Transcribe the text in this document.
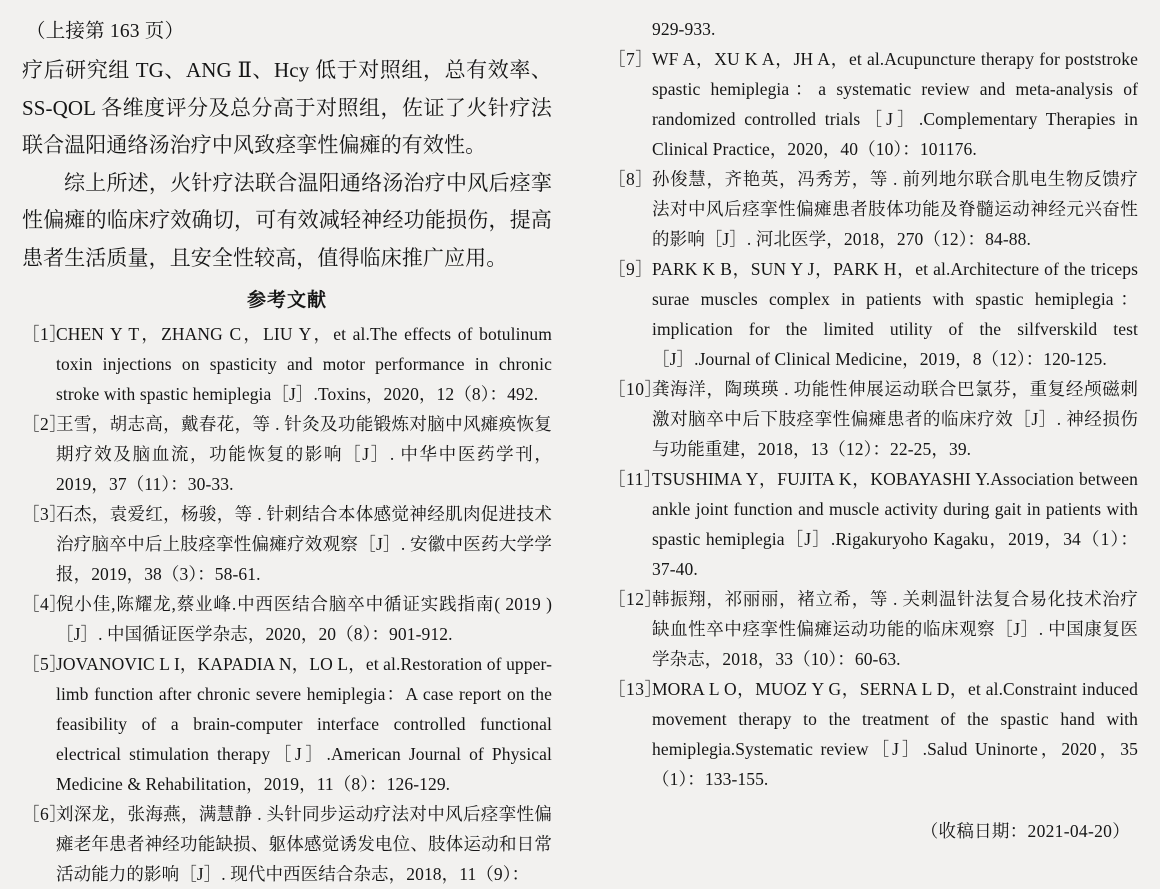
（上接第 163 页）

疗后研究组 TG、ANG Ⅱ、Hcy 低于对照组，总有效率、SS-QOL 各维度评分及总分高于对照组，佐证了火针疗法联合温阳通络汤治疗中风致痉挛性偏瘫的有效性。

综上所述，火针疗法联合温阳通络汤治疗中风后痉挛性偏瘫的临床疗效确切，可有效减轻神经功能损伤，提高患者生活质量，且安全性较高，值得临床推广应用。

参考文献
［1］
CHEN Y T，ZHANG C，LIU Y，et al.The effects of botulinum toxin injections on spasticity and motor performance in chronic stroke with spastic hemiplegia［J］.Toxins，2020，12（8）：492.
［2］
王雪，胡志高，戴春花，等 . 针灸及功能锻炼对脑中风瘫痪恢复期疗效及脑血流，功能恢复的影响［J］. 中华中医药学刊，2019，37（11）：30-33.
［3］
石杰，袁爱红，杨骏，等 . 针刺结合本体感觉神经肌肉促进技术治疗脑卒中后上肢痉挛性偏瘫疗效观察［J］. 安徽中医药大学学报，2019，38（3）：58-61.
［4］
倪小佳,陈耀龙,蔡业峰.中西医结合脑卒中循证实践指南( 2019 ) ［J］. 中国循证医学杂志，2020，20（8）：901-912.
［5］
JOVANOVIC L I，KAPADIA N，LO L，et al.Restoration of upper-limb function after chronic severe hemiplegia：A case report on the feasibility of a brain-computer interface controlled functional electrical stimulation therapy［J］.American Journal of Physical Medicine & Rehabilitation，2019，11（8）：126-129.
［6］
刘深龙，张海燕，满慧静 . 头针同步运动疗法对中风后痉挛性偏瘫老年患者神经功能缺损、躯体感觉诱发电位、肢体运动和日常活动能力的影响［J］. 现代中西医结合杂志，2018，11（9）：

929-933.

［7］
WF A，XU K A，JH A，et al.Acupuncture therapy for poststroke spastic hemiplegia：a systematic review and meta-analysis of randomized controlled trials［J］.Complementary Therapies in Clinical Practice，2020，40（10）：101176.
［8］
孙俊慧，齐艳英，冯秀芳，等 . 前列地尔联合肌电生物反馈疗法对中风后痉挛性偏瘫患者肢体功能及脊髓运动神经元兴奋性的影响［J］. 河北医学，2018，270（12）：84-88.
［9］
PARK K B，SUN Y J，PARK H，et al.Architecture of the triceps surae muscles complex in patients with spastic hemiplegia：implication for the limited utility of the silfverskild test［J］.Journal of Clinical Medicine，2019，8（12）：120-125.
［10］
龚海洋，陶瑛瑛 . 功能性伸展运动联合巴氯芬，重复经颅磁刺激对脑卒中后下肢痉挛性偏瘫患者的临床疗效［J］. 神经损伤与功能重建，2018，13（12）：22-25，39.
［11］
TSUSHIMA Y，FUJITA K，KOBAYASHI Y.Association between ankle joint function and muscle activity during gait in patients with spastic hemiplegia［J］.Rigakuryoho Kagaku，2019，34（1）：37-40.
［12］
韩振翔，祁丽丽，褚立希，等 . 关刺温针法复合易化技术治疗缺血性卒中痉挛性偏瘫运动功能的临床观察［J］. 中国康复医学杂志，2018，33（10）：60-63.
［13］
MORA L O，MUOZ Y G，SERNA L D，et al.Constraint induced movement therapy to the treatment of the spastic hand with hemiplegia.Systematic review［J］.Salud Uninorte，2020，35（1）：133-155.

（收稿日期：2021-04-20）
